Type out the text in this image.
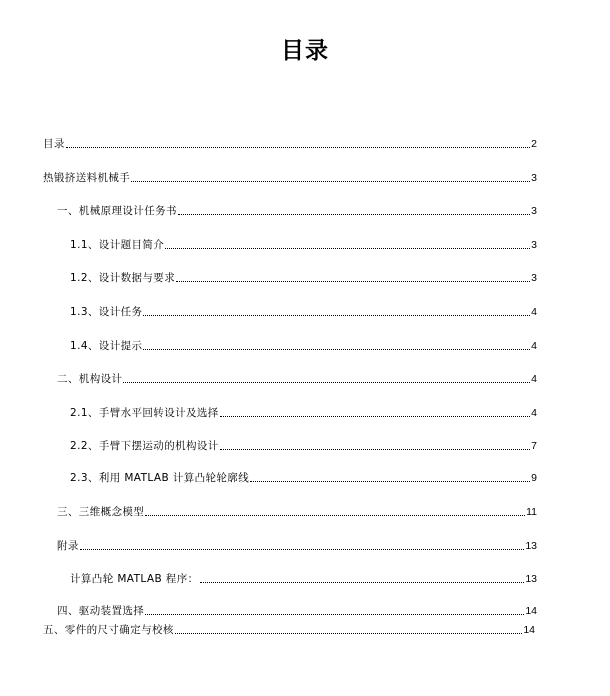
目录
目录	2
热锻挤送料机械手	3
一、机械原理设计任务书	3
1.1、设计题目简介	3
1.2、设计数据与要求	3
1.3、设计任务	4
1.4、设计提示	4
二、机构设计	4
2.1、手臂水平回转设计及选择	4
2.2、手臂下摆运动的机构设计	7
2.3、利用 MATLAB 计算凸轮轮廓线	9
三、三维概念模型	11
附录	13
计算凸轮 MATLAB 程序：	13
四、驱动装置选择	14
五、零件的尺寸确定与校核	14
